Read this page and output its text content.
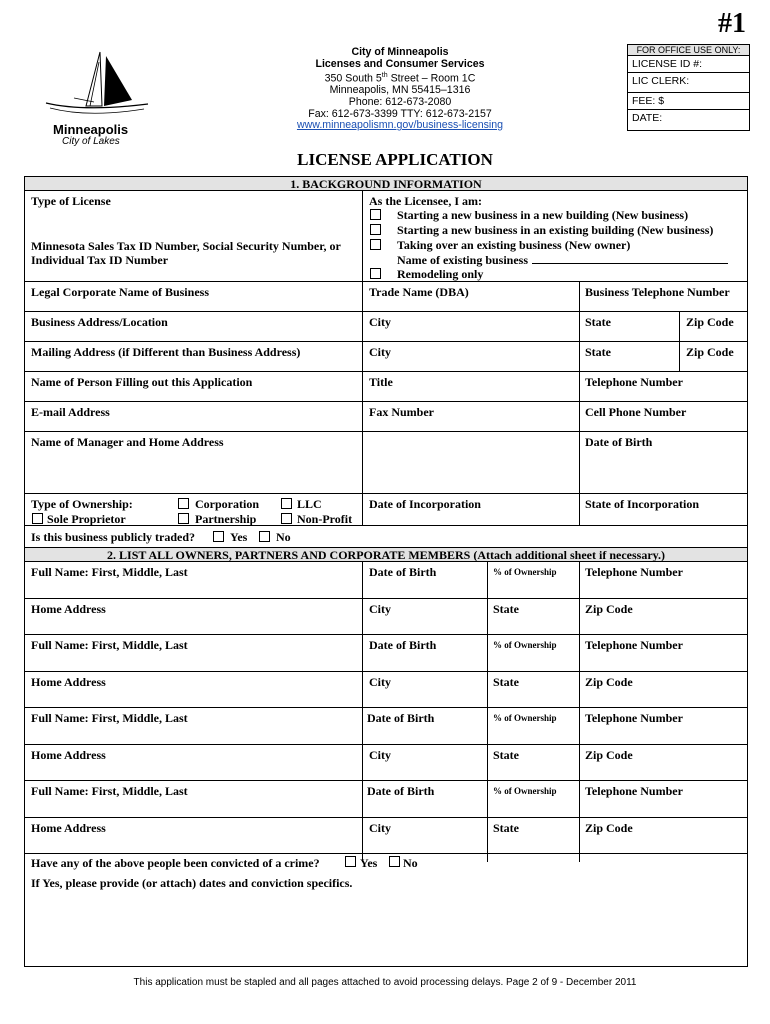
#1
Minneapolis
City of Lakes
City of Minneapolis
Licenses and Consumer Services
350 South 5th Street – Room 1C
Minneapolis, MN 55415–1316
Phone: 612-673-2080
Fax: 612-673-3399 TTY: 612-673-2157
www.minneapolismn.gov/business-licensing
FOR OFFICE USE ONLY:
LICENSE ID #:
LIC CLERK:
FEE: $
DATE:
LICENSE APPLICATION
1. BACKGROUND INFORMATION
Type of License
Minnesota Sales Tax ID Number, Social Security Number, or Individual Tax ID Number
As the Licensee, I am:
Starting a new business in a new building (New business)
Starting a new business in an existing building (New business)
Taking over an existing business (New owner)
Name of existing business
Remodeling only
Legal Corporate Name of Business	Trade Name (DBA)	Business Telephone Number
Business Address/Location	City	State	Zip Code
Mailing Address (if Different than Business Address)	City	State	Zip Code
Name of Person Filling out this Application	Title	Telephone Number
E-mail Address	Fax Number	Cell Phone Number
Name of Manager and Home Address	Date of Birth
Type of Ownership:	Corporation	LLC
Sole Proprietor	Partnership	Non-Profit
Date of Incorporation	State of Incorporation
Is this business publicly traded?	Yes No
2. LIST ALL OWNERS, PARTNERS AND CORPORATE MEMBERS (Attach additional sheet if necessary.)
Full Name: First, Middle, Last	Date of Birth	% of Ownership Telephone Number
Home Address	City	State	Zip Code
Full Name: First, Middle, Last	Date of Birth	% of Ownership Telephone Number
Home Address	City	State	Zip Code
Full Name: First, Middle, Last	Date of Birth	% of Ownership Telephone Number
Home Address	City	State	Zip Code
Full Name: First, Middle, Last	Date of Birth	% of Ownership Telephone Number
Home Address	City	State	Zip Code
Have any of the above people been convicted of a crime?	Yes No
If Yes, please provide (or attach) dates and conviction specifics.
This application must be stapled and all pages attached to avoid processing delays. Page 2 of 9 - December 2011
